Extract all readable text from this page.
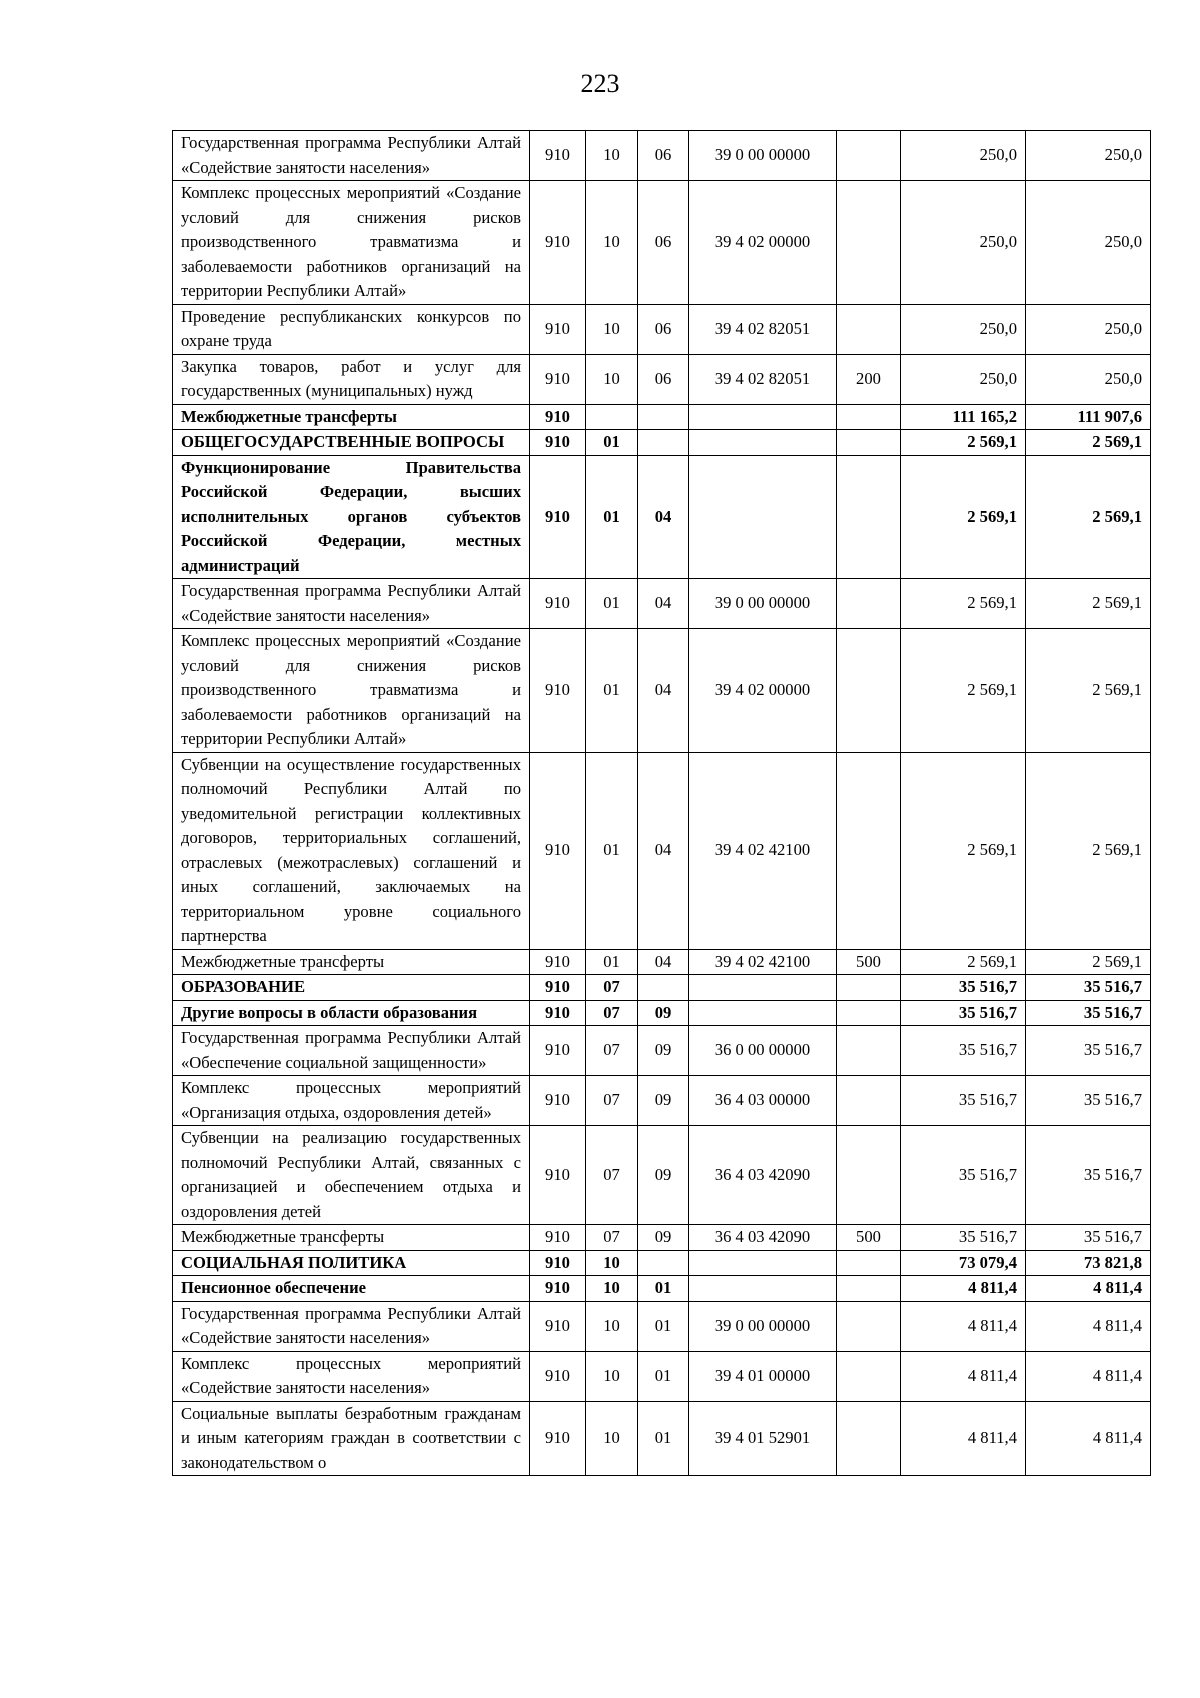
223
Государственная программа Республики Алтай «Содействие занятости населения»	910	10	06	39 0 00 00000		250,0	250,0
Комплекс процессных мероприятий «Создание условий для снижения рисков производственного травматизма и заболеваемости работников организаций на территории Республики Алтай»	910	10	06	39 4 02 00000		250,0	250,0
Проведение республиканских конкурсов по охране труда	910	10	06	39 4 02 82051		250,0	250,0
Закупка товаров, работ и услуг для государственных (муниципальных) нужд	910	10	06	39 4 02 82051	200	250,0	250,0
Межбюджетные трансферты	910					111 165,2	111 907,6
ОБЩЕГОСУДАРСТВЕННЫЕ ВОПРОСЫ	910	01				2 569,1	2 569,1
Функционирование Правительства Российской Федерации, высших исполнительных органов субъектов Российской Федерации, местных администраций	910	01	04			2 569,1	2 569,1
Государственная программа Республики Алтай «Содействие занятости населения»	910	01	04	39 0 00 00000		2 569,1	2 569,1
Комплекс процессных мероприятий «Создание условий для снижения рисков производственного травматизма и заболеваемости работников организаций на территории Республики Алтай»	910	01	04	39 4 02 00000		2 569,1	2 569,1
Субвенции на осуществление государственных полномочий Республики Алтай по уведомительной регистрации коллективных договоров, территориальных соглашений, отраслевых (межотраслевых) соглашений и иных соглашений, заключаемых на территориальном уровне социального партнерства	910	01	04	39 4 02 42100		2 569,1	2 569,1
Межбюджетные трансферты	910	01	04	39 4 02 42100	500	2 569,1	2 569,1
ОБРАЗОВАНИЕ	910	07				35 516,7	35 516,7
Другие вопросы в области образования	910	07	09			35 516,7	35 516,7
Государственная программа Республики Алтай «Обеспечение социальной защищенности»	910	07	09	36 0 00 00000		35 516,7	35 516,7
Комплекс процессных мероприятий «Организация отдыха, оздоровления детей»	910	07	09	36 4 03 00000		35 516,7	35 516,7
Субвенции на реализацию государственных полномочий Республики Алтай, связанных с организацией и обеспечением отдыха и оздоровления детей	910	07	09	36 4 03 42090		35 516,7	35 516,7
Межбюджетные трансферты	910	07	09	36 4 03 42090	500	35 516,7	35 516,7
СОЦИАЛЬНАЯ ПОЛИТИКА	910	10				73 079,4	73 821,8
Пенсионное обеспечение	910	10	01			4 811,4	4 811,4
Государственная программа Республики Алтай «Содействие занятости населения»	910	10	01	39 0 00 00000		4 811,4	4 811,4
Комплекс процессных мероприятий «Содействие занятости населения»	910	10	01	39 4 01 00000		4 811,4	4 811,4
Социальные выплаты безработным гражданам и иным категориям граждан в соответствии с законодательством о	910	10	01	39 4 01 52901		4 811,4	4 811,4
